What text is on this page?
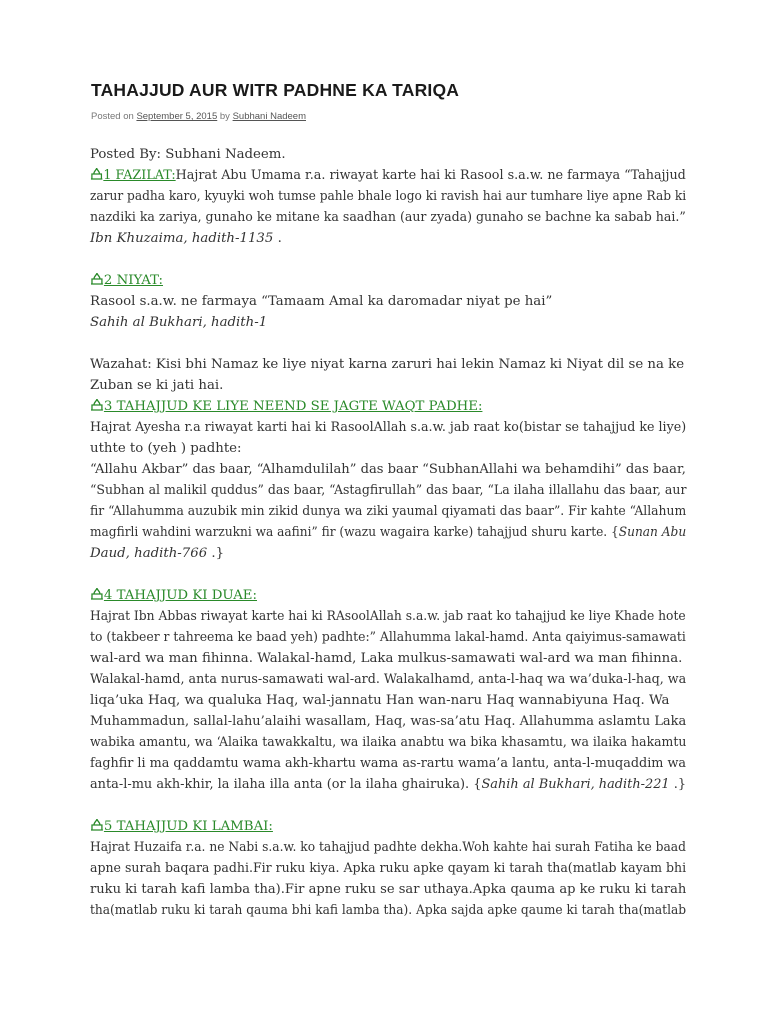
TAHAJJUD AUR WITR PADHNE KA TARIQA
Posted on September 5, 2015 by Subhani Nadeem
Posted By: Subhani Nadeem.
1 FAZILAT:Hajrat Abu Umama r.a. riwayat karte hai ki Rasool s.a.w. ne farmaya “Tahajjud
zarur padha karo, kyuyki woh tumse pahle bhale logo ki ravish hai aur tumhare liye apne Rab ki
nazdiki ka zariya, gunaho ke mitane ka saadhan (aur zyada) gunaho se bachne ka sabab hai.”
Ibn Khuzaima, hadith-1135 .
2 NIYAT:
Rasool s.a.w. ne farmaya “Tamaam Amal ka daromadar niyat pe hai”
Sahih al Bukhari, hadith-1
Wazahat: Kisi bhi Namaz ke liye niyat karna zaruri hai lekin Namaz ki Niyat dil se na ke
Zuban se ki jati hai.
3 TAHAJJUD KE LIYE NEEND SE JAGTE WAQT PADHE:
Hajrat Ayesha r.a riwayat karti hai ki RasoolAllah s.a.w. jab raat ko(bistar se tahajjud ke liye)
uthte to (yeh ) padhte:
“Allahu Akbar” das baar, “Alhamdulilah” das baar “SubhanAllahi wa behamdihi” das baar,
“Subhan al malikil quddus” das baar, “Astagfirullah” das baar, “La ilaha illallahu das baar, aur
fir “Allahumma auzubik min zikid dunya wa ziki yaumal qiyamati das baar”. Fir kahte “Allahum
magfirli wahdini warzukni wa aafini” fir (wazu wagaira karke) tahajjud shuru karte. {Sunan Abu
Daud, hadith-766 .}
4 TAHAJJUD KI DUAE:
Hajrat Ibn Abbas riwayat karte hai ki RAsoolAllah s.a.w. jab raat ko tahajjud ke liye Khade hote
to (takbeer r tahreema ke baad yeh) padhte:” Allahumma lakal-hamd. Anta qaiyimus-samawati
wal-ard wa man fihinna. Walakal-hamd, Laka mulkus-samawati wal-ard wa man fihinna.
Walakal-hamd, anta nurus-samawati wal-ard. Walakalhamd, anta-l-haq wa wa’duka-l-haq, wa
liqa’uka Haq, wa qualuka Haq, wal-jannatu Han wan-naru Haq wannabiyuna Haq. Wa
Muhammadun, sallal-lahu’alaihi wasallam, Haq, was-sa’atu Haq. Allahumma aslamtu Laka
wabika amantu, wa ‘Alaika tawakkaltu, wa ilaika anabtu wa bika khasamtu, wa ilaika hakamtu
faghfir li ma qaddamtu wama akh-khartu wama as-rartu wama’a lantu, anta-l-muqaddim wa
anta-l-mu akh-khir, la ilaha illa anta (or la ilaha ghairuka). {Sahih al Bukhari, hadith-221 .}
5 TAHAJJUD KI LAMBAI:
Hajrat Huzaifa r.a. ne Nabi s.a.w. ko tahajjud padhte dekha.Woh kahte hai surah Fatiha ke baad
apne surah baqara padhi.Fir ruku kiya. Apka ruku apke qayam ki tarah tha(matlab kayam bhi
ruku ki tarah kafi lamba tha).Fir apne ruku se sar uthaya.Apka qauma ap ke ruku ki tarah
tha(matlab ruku ki tarah qauma bhi kafi lamba tha). Apka sajda apke qaume ki tarah tha(matlab
